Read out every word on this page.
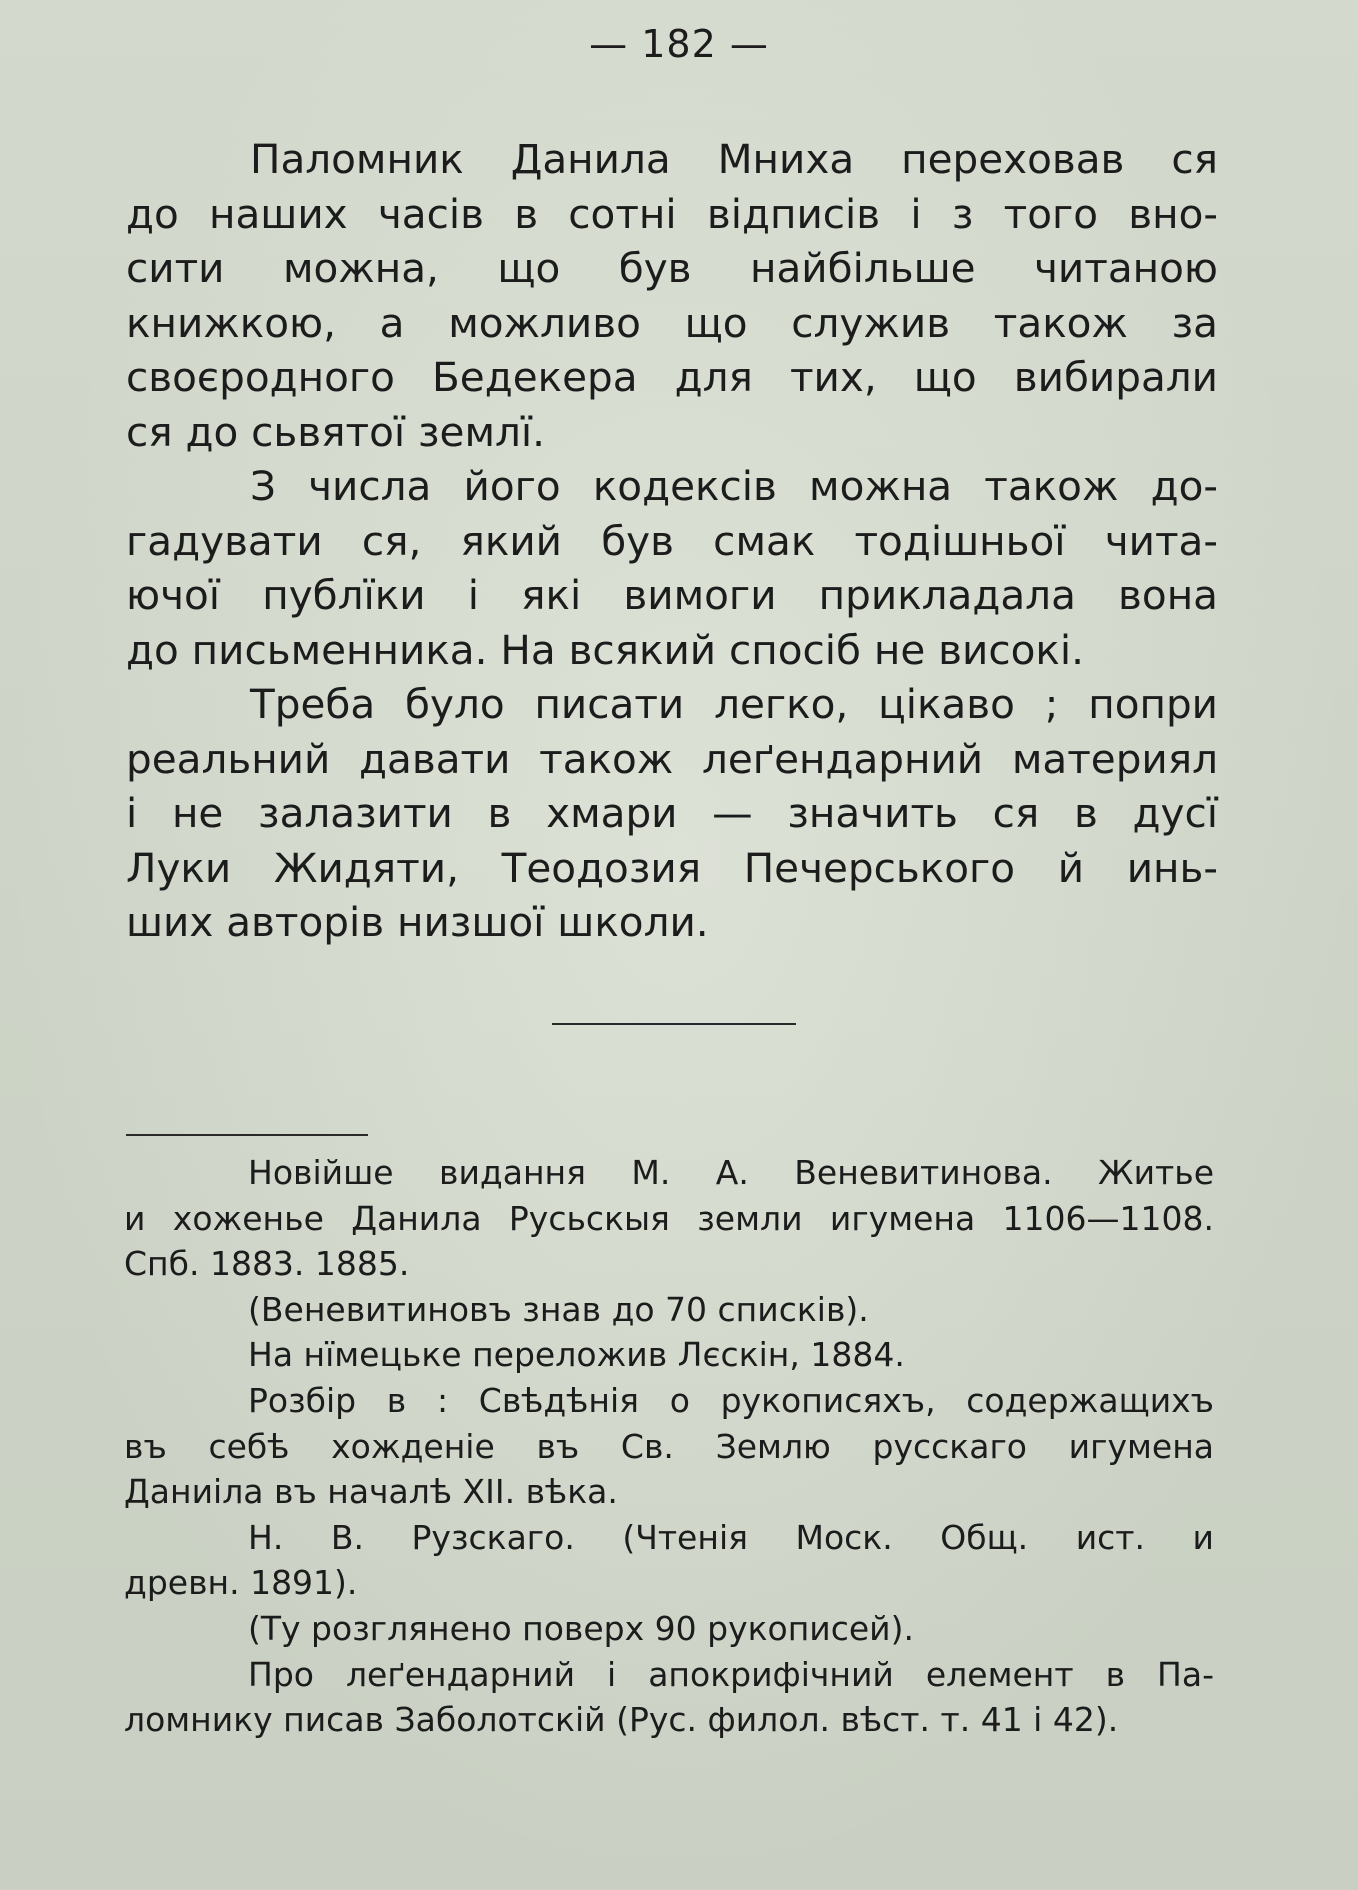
— 182 —
Паломник Данила Мниха переховав ся
до наших часів в сотні відписів і з того вно-
сити можна, що був найбільше читаною
книжкою, а можливо що служив також за
своєродного Бедекера для тих, що вибирали
ся до сьвятої землї.
З числа його кодексів можна також до-
гадувати ся, який був смак тодішньої чита-
ючої публїки і які вимоги прикладала вона
до письменника. На всякий спосіб не високі.
Треба було писати легко, цікаво ; попри
реальний давати також леґендарний материял
і не залазити в хмари — значить ся в дусї
Луки Жидяти, Теодозия Печерського й инь-
ших авторів низшої школи.
Новійше видання М. А. Веневитинова. Житье
и хоженье Данила Русьскыя земли игумена 1106—1108.
Спб. 1883. 1885.
(Веневитиновъ знав до 70 списків).
На нїмецьке переложив Лєскін, 1884.
Розбір в : Свѣдѣнія о рукописяхъ, содержащихъ
въ себѣ хожденіе въ Св. Землю русскаго игумена
Даниіла въ началѣ XII. вѣка.
Н. В. Рузскаго. (Чтенія Моск. Общ. ист. и
древн. 1891).
(Ту розглянено поверх 90 рукописей).
Про леґендарний і апокрифічний елемент в Па-
ломнику писав Заболотскій (Рус. филол. вѣст. т. 41 і 42).
